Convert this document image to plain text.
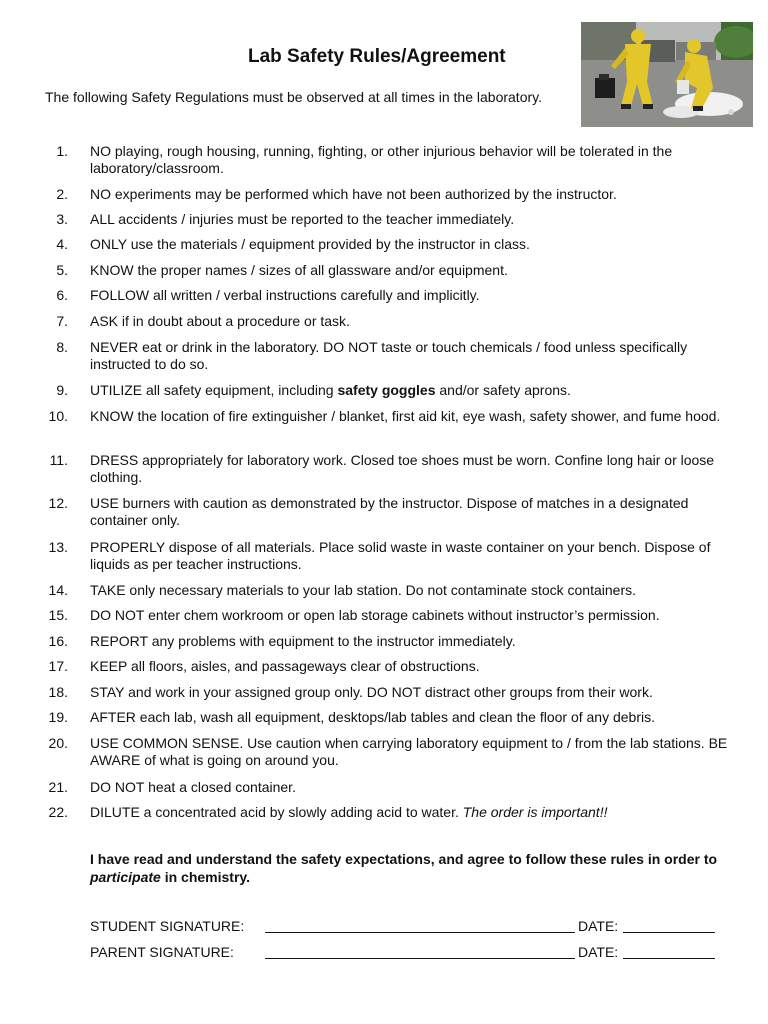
Lab Safety Rules/Agreement
The following Safety Regulations must be observed at all times in the laboratory.
1. NO playing, rough housing, running, fighting, or other injurious behavior will be tolerated in the laboratory/classroom.
2. NO experiments may be performed which have not been authorized by the instructor.
3. ALL accidents / injuries must be reported to the teacher immediately.
4. ONLY use the materials / equipment provided by the instructor in class.
5. KNOW the proper names / sizes of all glassware and/or equipment.
6. FOLLOW all written / verbal instructions carefully and implicitly.
7. ASK if in doubt about a procedure or task.
8. NEVER eat or drink in the laboratory. DO NOT taste or touch chemicals / food unless specifically instructed to do so.
9. UTILIZE all safety equipment, including safety goggles and/or safety aprons.
10. KNOW the location of fire extinguisher / blanket, first aid kit, eye wash, safety shower, and fume hood.
11. DRESS appropriately for laboratory work. Closed toe shoes must be worn. Confine long hair or loose clothing.
12. USE burners with caution as demonstrated by the instructor. Dispose of matches in a designated container only.
13. PROPERLY dispose of all materials. Place solid waste in waste container on your bench. Dispose of liquids as per teacher instructions.
14. TAKE only necessary materials to your lab station. Do not contaminate stock containers.
15. DO NOT enter chem workroom or open lab storage cabinets without instructor’s permission.
16. REPORT any problems with equipment to the instructor immediately.
17. KEEP all floors, aisles, and passageways clear of obstructions.
18. STAY and work in your assigned group only. DO NOT distract other groups from their work.
19. AFTER each lab, wash all equipment, desktops/lab tables and clean the floor of any debris.
20. USE COMMON SENSE. Use caution when carrying laboratory equipment to / from the lab stations. BE AWARE of what is going on around you.
21. DO NOT heat a closed container.
22. DILUTE a concentrated acid by slowly adding acid to water. The order is important!!
I have read and understand the safety expectations, and agree to follow these rules in order to participate in chemistry.
STUDENT SIGNATURE:	DATE:
PARENT SIGNATURE:	DATE:
